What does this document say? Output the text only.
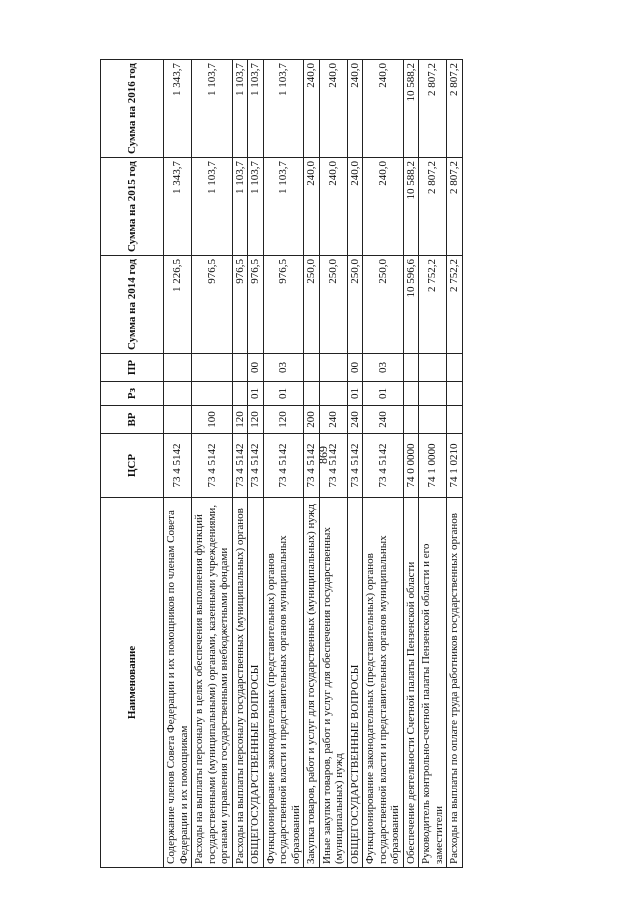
869
Наименование	ЦСР	ВР	Рз	ПР	Сумма на 2014 год	Сумма на 2015 год	Сумма на 2016 год
Содержание членов Совета Федерации и их помощников по членам Совета Федерации и их помощникам	73 4 5142				1 226,5	1 343,7	1 343,7
Расходы на выплаты персоналу в целях обеспечения выполнения функций государственными (муниципальными) органами, казенными учреждениями, органами управления государственными внебюджетными фондами	73 4 5142	100			976,5	1 103,7	1 103,7
Расходы на выплаты персоналу государственных (муниципальных) органов	73 4 5142	120			976,5	1 103,7	1 103,7
ОБЩЕГОСУДАРСТВЕННЫЕ ВОПРОСЫ	73 4 5142	120	01	00	976,5	1 103,7	1 103,7
Функционирование законодательных (представительных) органов государственной власти и представительных органов муниципальных образований	73 4 5142	120	01	03	976,5	1 103,7	1 103,7
Закупка товаров, работ и услуг для государственных (муниципальных) нужд	73 4 5142	200			250,0	240,0	240,0
Иные закупки товаров, работ и услуг для обеспечения государственных (муниципальных) нужд	73 4 5142	240			250,0	240,0	240,0
ОБЩЕГОСУДАРСТВЕННЫЕ ВОПРОСЫ	73 4 5142	240	01	00	250,0	240,0	240,0
Функционирование законодательных (представительных) органов государственной власти и представительных органов муниципальных образований	73 4 5142	240	01	03	250,0	240,0	240,0
Обеспечение деятельности Счетной палаты Пензенской области	74 0 0000				10 596,6	10 588,2	10 588,2
Руководитель контрольно-счетной палаты Пензенской области и его заместители	74 1 0000				2 752,2	2 807,2	2 807,2
Расходы на выплаты по оплате труда работников государственных органов	74 1 0210				2 752,2	2 807,2	2 807,2
